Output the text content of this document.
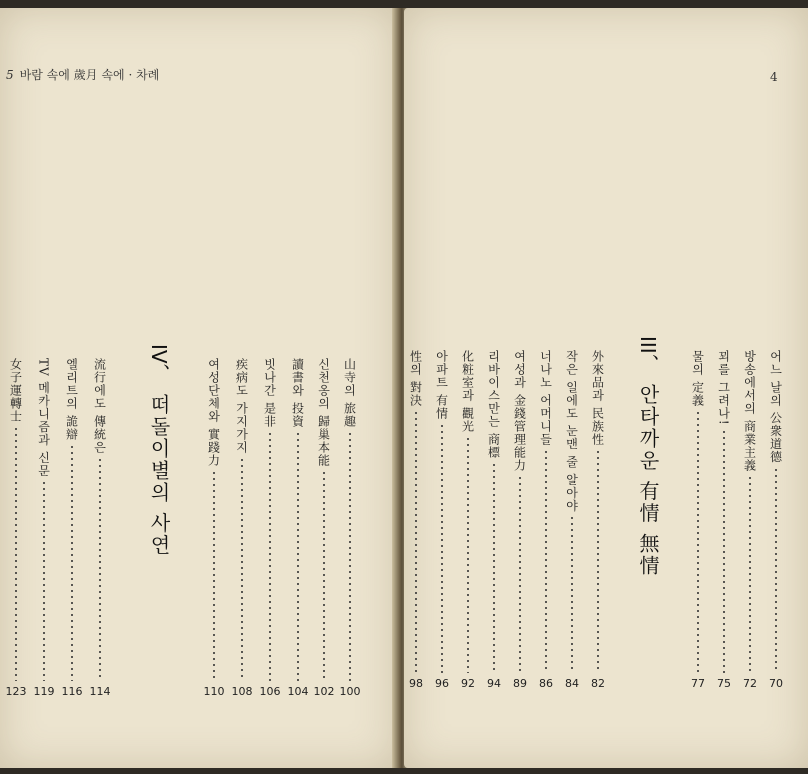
5 바람 속에 歲月 속에 · 차례
IV、 떠돌이별의 사연
山寺의 旅趣
100
신천옹의 歸巢本能
102
讀書와 投資
104
빗나간 是非
106
疾病도 가지가지
108
여성단체와 實踐力
110
流行에도 傳統은
114
엘리트의 詭辯
116
TV 메카니즘과 신문
119
女子運轉士
123
4
어느 날의 公衆道德
70
방송에서의 商業主義
72
꾀를 그려나!
75
물의 定義
77
III、 안타까운 有情 無情
外來品과 民族性
82
작은 일에도 눈맨 줄 알아야
84
너나노 어머니들
86
여성과 金錢管理能力
89
리바이스만는 商標
94
化粧室과 觀光
92
아파트 有情
96
性의 對決
98
